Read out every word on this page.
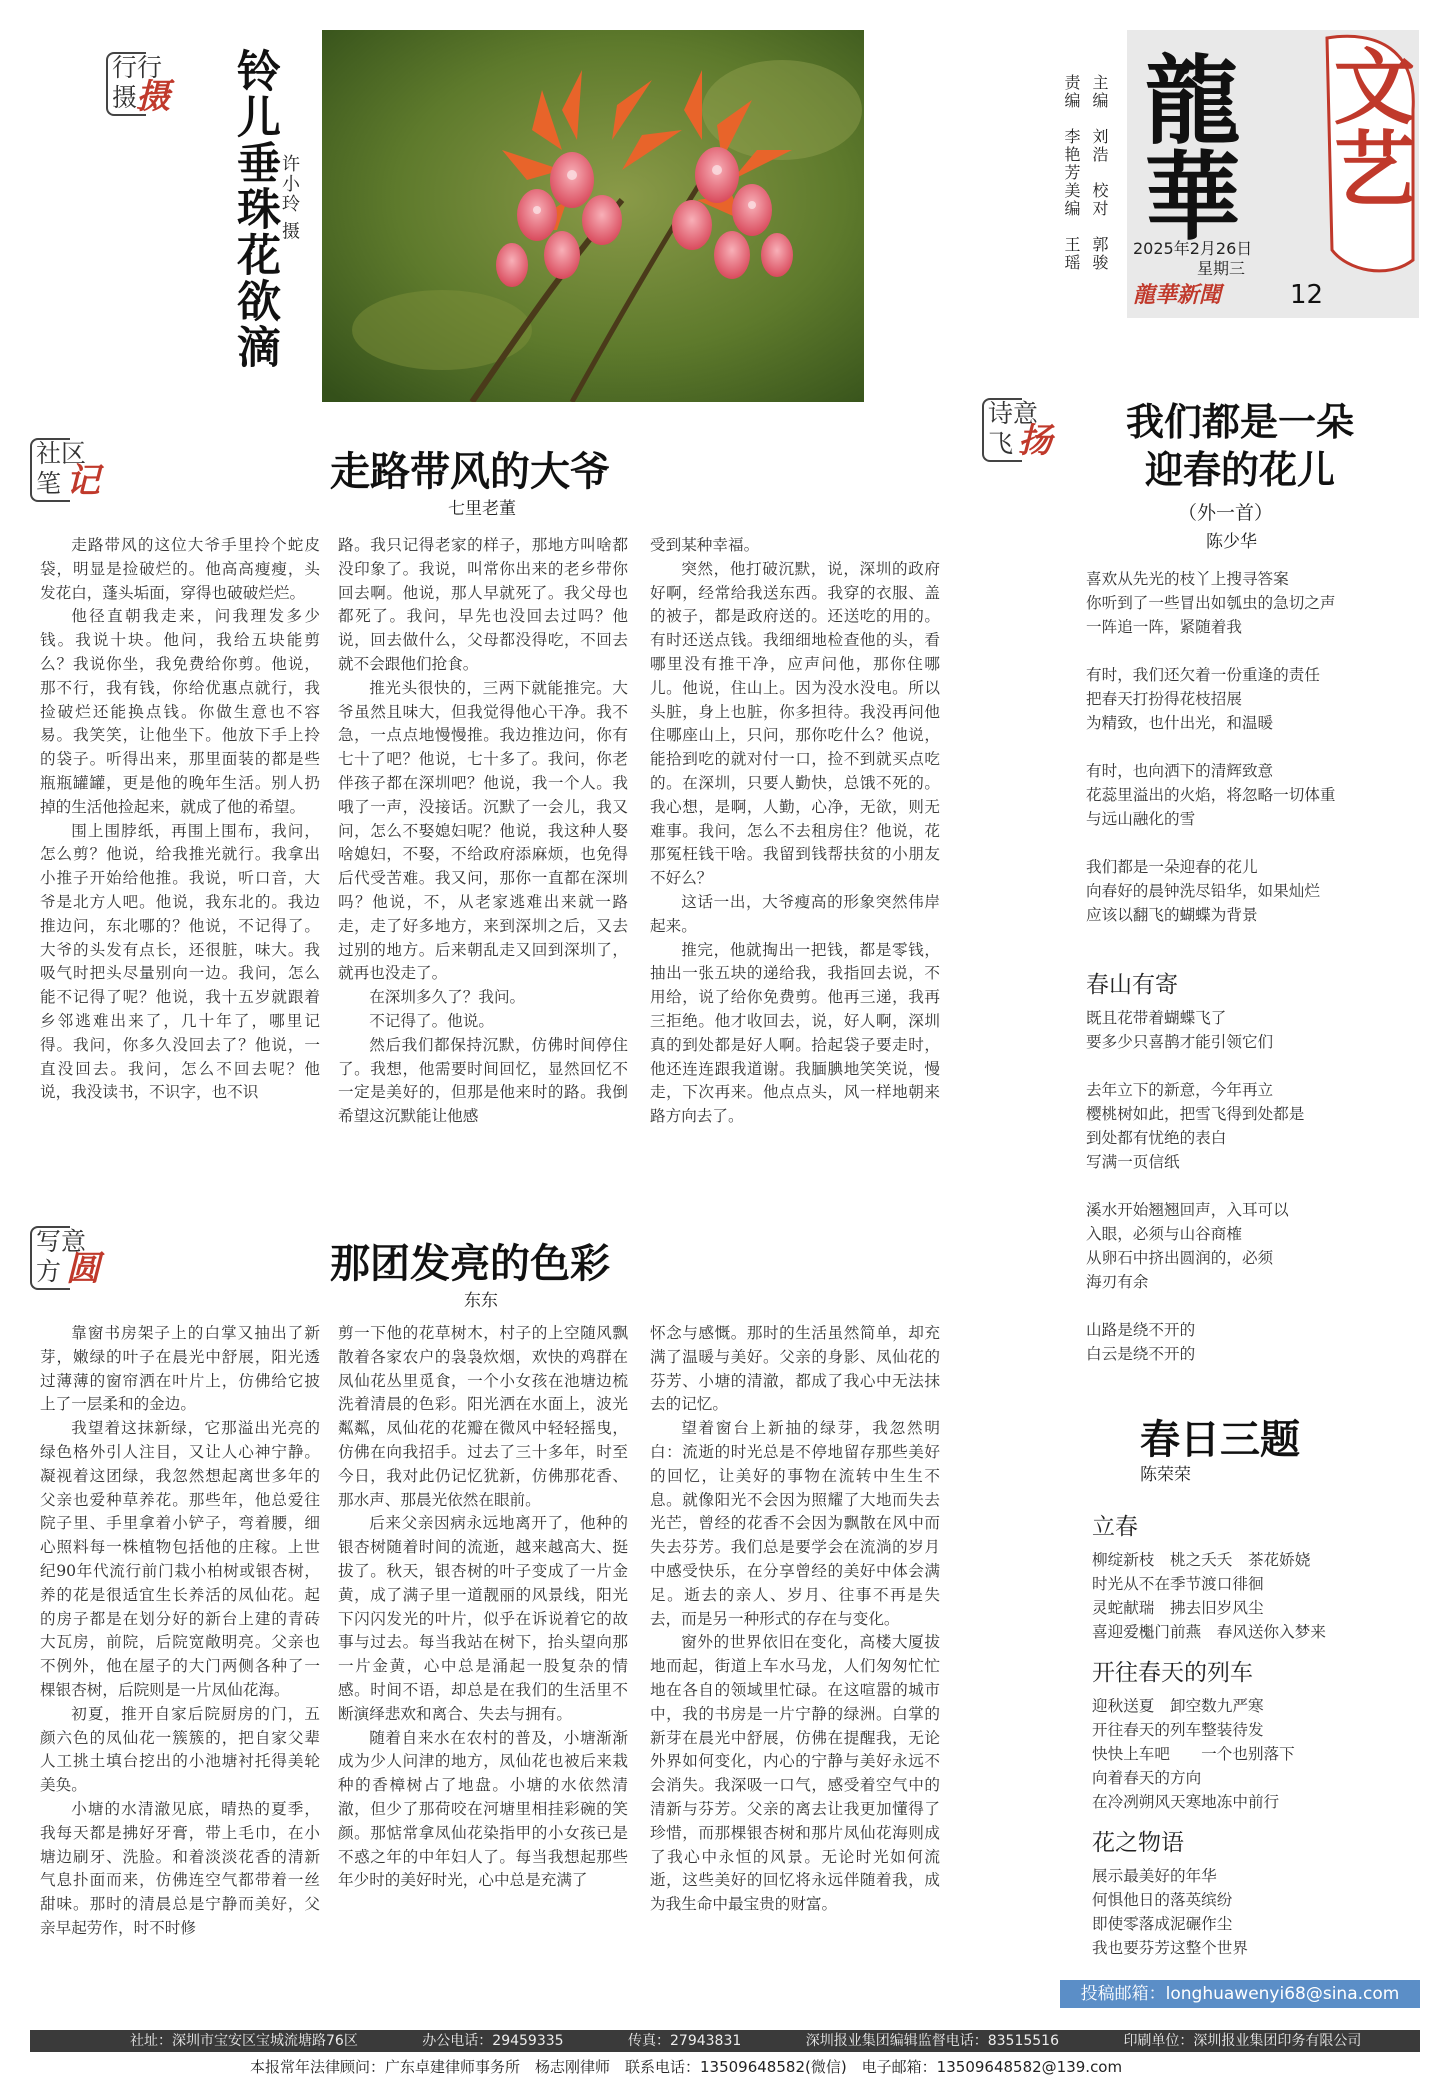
行行
摄
摄 铃儿垂珠花欲滴 许小玲 摄	龍華 文艺
2025年2月26日
星期三
龍華新聞	12
主编　刘浩
校对　郭骏
责编　李艳芳
美编　王瑶
社区
笔 记	走路带风的大爷
七里老董

走路带风的这位大爷手里拎个蛇皮袋，明显是捡破烂的。他高高瘦瘦，头发花白，蓬头垢面，穿得也破破烂烂。

他径直朝我走来，问我理发多少钱。我说十块。他问，我给五块能剪么？我说你坐，我免费给你剪。他说，那不行，我有钱，你给优惠点就行，我捡破烂还能换点钱。你做生意也不容易。我笑笑，让他坐下。他放下手上拎的袋子。听得出来，那里面装的都是些瓶瓶罐罐，更是他的晚年生活。别人扔掉的生活他捡起来，就成了他的希望。

围上围脖纸，再围上围布，我问，怎么剪？他说，给我推光就行。我拿出小推子开始给他推。我说，听口音，大爷是北方人吧。他说，我东北的。我边推边问，东北哪的？他说，不记得了。大爷的头发有点长，还很脏，味大。我吸气时把头尽量别向一边。我问，怎么能不记得了呢？他说，我十五岁就跟着乡邻逃难出来了，几十年了，哪里记得。我问，你多久没回去了？他说，一直没回去。我问，怎么不回去呢？他说，我没读书，不识字，也不识

路。我只记得老家的样子，那地方叫啥都没印象了。我说，叫常你出来的老乡带你回去啊。他说，那人早就死了。我父母也都死了。我问，早先也没回去过吗？他说，回去做什么，父母都没得吃，不回去就不会跟他们抢食。

推光头很快的，三两下就能推完。大爷虽然且味大，但我觉得他心干净。我不急，一点点地慢慢推。我边推边问，你有七十了吧？他说，七十多了。我问，你老伴孩子都在深圳吧？他说，我一个人。我哦了一声，没接话。沉默了一会儿，我又问，怎么不娶媳妇呢？他说，我这种人娶啥媳妇，不娶，不给政府添麻烦，也免得后代受苦难。我又问，那你一直都在深圳吗？他说，不，从老家逃难出来就一路走，走了好多地方，来到深圳之后，又去过别的地方。后来朝乱走又回到深圳了，就再也没走了。

在深圳多久了？我问。

不记得了。他说。

然后我们都保持沉默，仿佛时间停住了。我想，他需要时间回忆，显然回忆不一定是美好的，但那是他来时的路。我倒希望这沉默能让他感

受到某种幸福。

突然，他打破沉默，说，深圳的政府好啊，经常给我送东西。我穿的衣服、盖的被子，都是政府送的。还送吃的用的。有时还送点钱。我细细地检查他的头，看哪里没有推干净，应声问他，那你住哪儿。他说，住山上。因为没水没电。所以头脏，身上也脏，你多担待。我没再问他住哪座山上，只问，那你吃什么？他说，能拾到吃的就对付一口，捡不到就买点吃的。在深圳，只要人勤快，总饿不死的。我心想，是啊，人勤，心净，无欲，则无难事。我问，怎么不去租房住？他说，花那冤枉钱干啥。我留到钱帮扶贫的小朋友不好么？

这话一出，大爷瘦高的形象突然伟岸起来。

推完，他就掏出一把钱，都是零钱，抽出一张五块的递给我，我指回去说，不用给，说了给你免费剪。他再三递，我再三拒绝。他才收回去，说，好人啊，深圳真的到处都是好人啊。拾起袋子要走时，他还连连跟我道谢。我腼腆地笑笑说，慢走，下次再来。他点点头，风一样地朝来路方向去了。

写意
方 圆	那团发亮的色彩
东东

靠窗书房架子上的白掌又抽出了新芽，嫩绿的叶子在晨光中舒展，阳光透过薄薄的窗帘洒在叶片上，仿佛给它披上了一层柔和的金边。

我望着这抹新绿，它那溢出光亮的绿色格外引人注目，又让人心神宁静。凝视着这团绿，我忽然想起离世多年的父亲也爱种草养花。那些年，他总爱往院子里、手里拿着小铲子，弯着腰，细心照料每一株植物包括他的庄稼。上世纪90年代流行前门栽小柏树或银杏树，养的花是很适宜生长养活的凤仙花。起的房子都是在划分好的新台上建的青砖大瓦房，前院，后院宽敞明亮。父亲也不例外，他在屋子的大门两侧各种了一棵银杏树，后院则是一片凤仙花海。

初夏，推开自家后院厨房的门，五颜六色的凤仙花一簇簇的，把自家父辈人工挑土填台挖出的小池塘衬托得美轮美奂。

小塘的水清澈见底，晴热的夏季，我每天都是拂好牙膏，带上毛巾，在小塘边刷牙、洗脸。和着淡淡花香的清新气息扑面而来，仿佛连空气都带着一丝甜味。那时的清晨总是宁静而美好，父亲早起劳作，时不时修

剪一下他的花草树木，村子的上空随风飘散着各家农户的袅袅炊烟，欢快的鸡群在凤仙花丛里觅食，一个小女孩在池塘边梳洗着清晨的色彩。阳光洒在水面上，波光粼粼，凤仙花的花瓣在微风中轻轻摇曳，仿佛在向我招手。过去了三十多年，时至今日，我对此仍记忆犹新，仿佛那花香、那水声、那晨光依然在眼前。

后来父亲因病永远地离开了，他种的银杏树随着时间的流逝，越来越高大、挺拔了。秋天，银杏树的叶子变成了一片金黄，成了满子里一道靓丽的风景线，阳光下闪闪发光的叶片，似乎在诉说着它的故事与过去。每当我站在树下，抬头望向那一片金黄，心中总是涌起一股复杂的情感。时间不语，却总是在我们的生活里不断演绎悲欢和离合、失去与拥有。

随着自来水在农村的普及，小塘渐渐成为少人问津的地方，凤仙花也被后来栽种的香樟树占了地盘。小塘的水依然清澈，但少了那荷咬在河塘里相挂彩碗的笑颜。那惦常拿凤仙花染指甲的小女孩已是不惑之年的中年妇人了。每当我想起那些年少时的美好时光，心中总是充满了

怀念与感慨。那时的生活虽然简单，却充满了温暖与美好。父亲的身影、凤仙花的芬芳、小塘的清澈，都成了我心中无法抹去的记忆。

望着窗台上新抽的绿芽，我忽然明白：流逝的时光总是不停地留存那些美好的回忆，让美好的事物在流转中生生不息。就像阳光不会因为照耀了大地而失去光芒，曾经的花香不会因为飘散在风中而失去芬芳。我们总是要学会在流淌的岁月中感受快乐，在分享曾经的美好中体会满足。逝去的亲人、岁月、往事不再是失去，而是另一种形式的存在与变化。

窗外的世界依旧在变化，高楼大厦拔地而起，街道上车水马龙，人们匆匆忙忙地在各自的领域里忙碌。在这喧嚣的城市中，我的书房是一片宁静的绿洲。白掌的新芽在晨光中舒展，仿佛在提醒我，无论外界如何变化，内心的宁静与美好永远不会消失。我深吸一口气，感受着空气中的清新与芬芳。父亲的离去让我更加懂得了珍惜，而那棵银杏树和那片凤仙花海则成了我心中永恒的风景。无论时光如何流逝，这些美好的回忆将永远伴随着我，成为我生命中最宝贵的财富。

诗意
飞 扬	我们都是一朵
迎春的花儿
（外一首）
陈少华
喜欢从先光的枝丫上搜寻答案
你听到了一些冒出如瓠虫的急切之声
一阵追一阵，紧随着我
有时，我们还欠着一份重逢的责任
把春天打扮得花枝招展
为精致，也什出光，和温暖
有时，也向洒下的清辉致意
花蕊里溢出的火焰，将忽略一切体重
与远山融化的雪
我们都是一朵迎春的花儿
向春好的晨钟洗尽铅华，如果灿烂
应该以翻飞的蝴蝶为背景
春山有寄
既且花带着蝴蝶飞了
要多少只喜鹊才能引领它们
去年立下的新意，今年再立
樱桃树如此，把雪飞得到处都是
到处都有忧绝的表白
写满一页信纸
溪水开始翘翘回声，入耳可以
入眼，必须与山谷商榷
从卵石中挤出圆润的，必须
海刃有余
山路是绕不开的
白云是绕不开的
春日三题
陈荣荣
立春
柳绽新枝　桃之夭夭　茶花娇娆
时光从不在季节渡口徘徊
灵蛇献瑞　拂去旧岁风尘
喜迎爱櫆门前燕　春风送你入梦来
开往春天的列车
迎秋送夏　卸空数九严寒
开往春天的列车整装待发
快快上车吧　　一个也别落下
向着春天的方向
在冷冽朔风天寒地冻中前行
花之物语
展示最美好的年华
何惧他日的落英缤纷
即使零落成泥碾作尘
我也要芬芳这整个世界
投稿邮箱：longhuawenyi68@sina.com
社址：深圳市宝安区宝城流塘路76区	办公电话：29459335	传真：27943831	深圳报业集团编辑监督电话：83515516	印刷单位：深圳报业集团印务有限公司
本报常年法律顾问：广东卓建律师事务所　杨志刚律师　联系电话：13509648582(微信)　电子邮箱：13509648582@139.com
